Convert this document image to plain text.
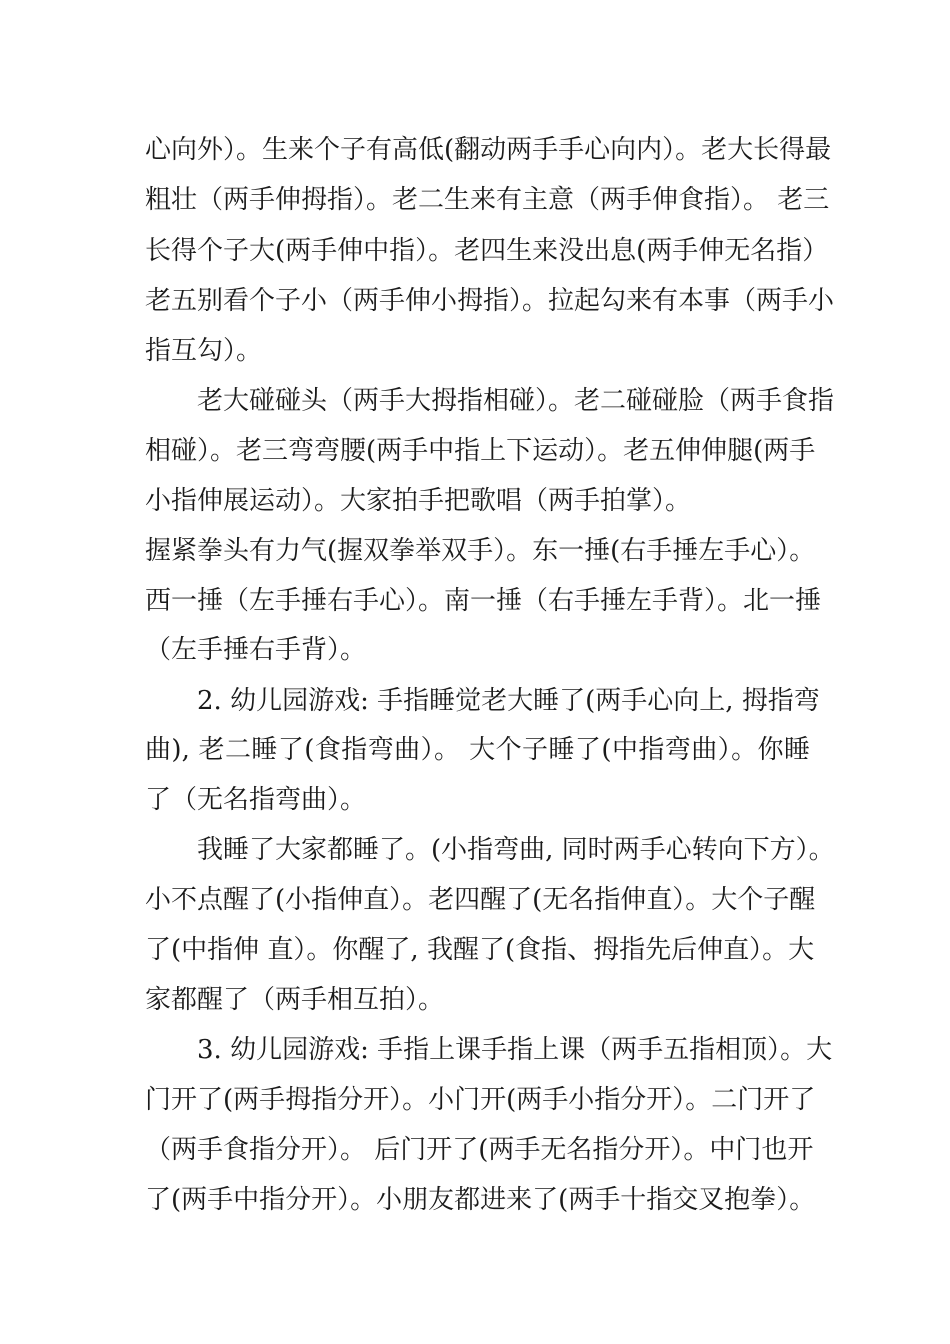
心向外）。生来个子有高低(翻动两手手心向内）。老大长得最
粗壮（两手伸拇指）。老二生来有主意（两手伸食指）。 老三
长得个子大(两手伸中指）。老四生来没出息(两手伸无名指）
老五别看个子小（两手伸小拇指）。拉起勾来有本事（两手小
指互勾）。
老大碰碰头（两手大拇指相碰）。老二碰碰脸（两手食指
相碰）。老三弯弯腰(两手中指上下运动）。老五伸伸腿(两手
小指伸展运动）。大家拍手把歌唱（两手拍掌）。
握紧拳头有力气(握双拳举双手）。东一捶(右手捶左手心）。
西一捶（左手捶右手心）。南一捶（右手捶左手背）。北一捶
（左手捶右手背）。
2. 幼儿园游戏: 手指睡觉老大睡了(两手心向上, 拇指弯
曲), 老二睡了(食指弯曲）。 大个子睡了(中指弯曲）。你睡
了（无名指弯曲）。
我睡了大家都睡了。(小指弯曲, 同时两手心转向下方）。
小不点醒了(小指伸直）。老四醒了(无名指伸直）。大个子醒
了(中指伸 直）。你醒了, 我醒了(食指、拇指先后伸直）。大
家都醒了（两手相互拍）。
3. 幼儿园游戏: 手指上课手指上课（两手五指相顶）。大
门开了(两手拇指分开）。小门开(两手小指分开）。二门开了
（两手食指分开）。 后门开了(两手无名指分开）。中门也开
了(两手中指分开）。小朋友都进来了(两手十指交叉抱拳）。
